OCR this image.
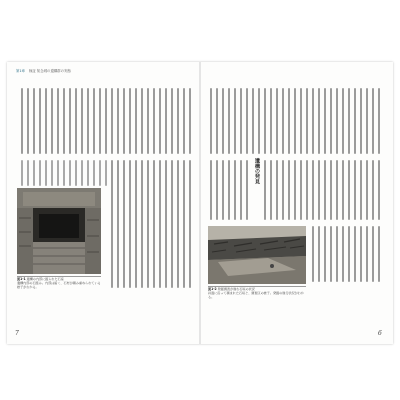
第1章 検証 知念城の遺構群の実態
図1-1 遺構の内部に掘られた石室
遺構内部の石組み。内部は暗く、石材が積み重ねられている様子がわかる。
7
遺構の発見
図1-2 発掘調査が進む石垣の状況
斜面に沿って積まれた石垣と、調査区の様子。発掘の進行状況がわかる。
6
